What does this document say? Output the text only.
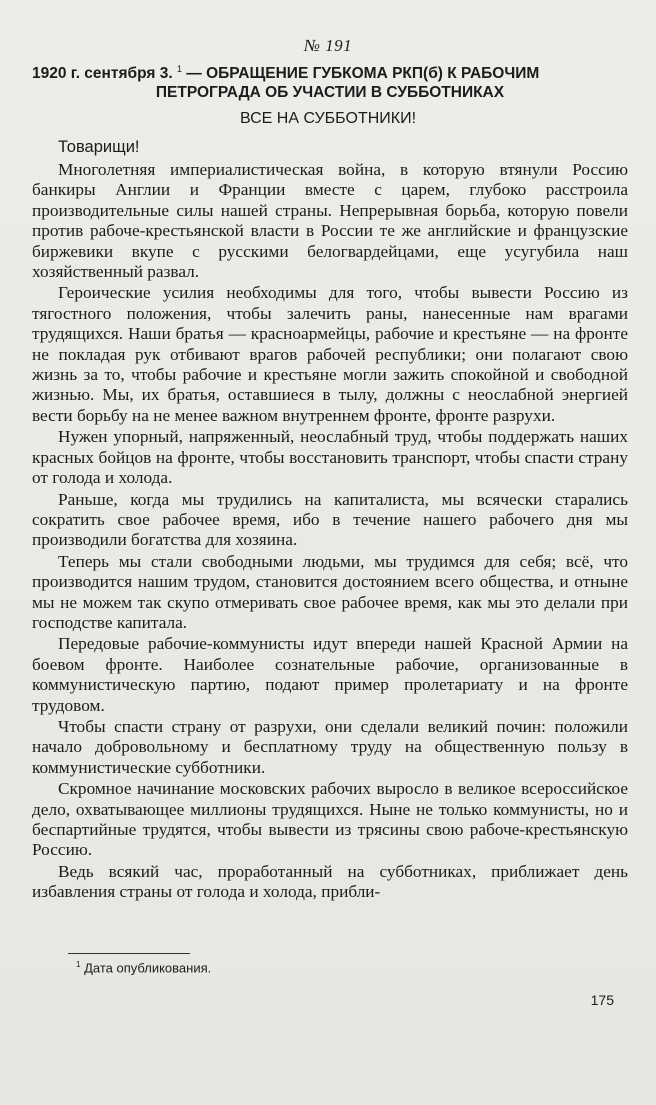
№ 191
1920 г. сентября 3. $^1$ — ОБРАЩЕНИЕ ГУБКОМА РКП(б) К РАБОЧИМ
ПЕТРОГРАДА ОБ УЧАСТИИ В СУББОТНИКАХ
ВСЕ НА СУББОТНИКИ!
Товарищи!

Многолетняя империалистическая война, в которую втянули Россию банкиры Англии и Франции вместе с царем, глубоко расстроила производительные силы нашей страны. Непрерывная борьба, которую повели против рабоче-крестьянской власти в России те же английские и французские биржевики вкупе с русскими белогвардейцами, еще усугубила наш хозяйственный развал.

Героические усилия необходимы для того, чтобы вывести Россию из тягостного положения, чтобы залечить раны, нанесенные нам врагами трудящихся. Наши братья — красноармейцы, рабочие и крестьяне — на фронте не покладая рук отбивают врагов рабочей республики; они полагают свою жизнь за то, чтобы рабочие и крестьяне могли зажить спокойной и свободной жизнью. Мы, их братья, оставшиеся в тылу, должны с неослабной энергией вести борьбу на не менее важном внутреннем фронте, фронте разрухи.

Нужен упорный, напряженный, неослабный труд, чтобы поддержать наших красных бойцов на фронте, чтобы восстановить транспорт, чтобы спасти страну от голода и холода.

Раньше, когда мы трудились на капиталиста, мы всячески старались сократить свое рабочее время, ибо в течение нашего рабочего дня мы производили богатства для хозяина.

Теперь мы стали свободными людьми, мы трудимся для себя; всё, что производится нашим трудом, становится достоянием всего общества, и отныне мы не можем так скупо отмеривать свое рабочее время, как мы это делали при господстве капитала.

Передовые рабочие-коммунисты идут впереди нашей Красной Армии на боевом фронте. Наиболее сознательные рабочие, организованные в коммунистическую партию, подают пример пролетариату и на фронте трудовом.

Чтобы спасти страну от разрухи, они сделали великий почин: положили начало добровольному и бесплатному труду на общественную пользу в коммунистические субботники.

Скромное начинание московских рабочих выросло в великое всероссийское дело, охватывающее миллионы трудящихся. Ныне не только коммунисты, но и беспартийные трудятся, чтобы вывести из трясины свою рабоче-крестьянскую Россию.

Ведь всякий час, проработанный на субботниках, приближает день избавления страны от голода и холода, прибли-

$^1$ Дата опубликования.
175
